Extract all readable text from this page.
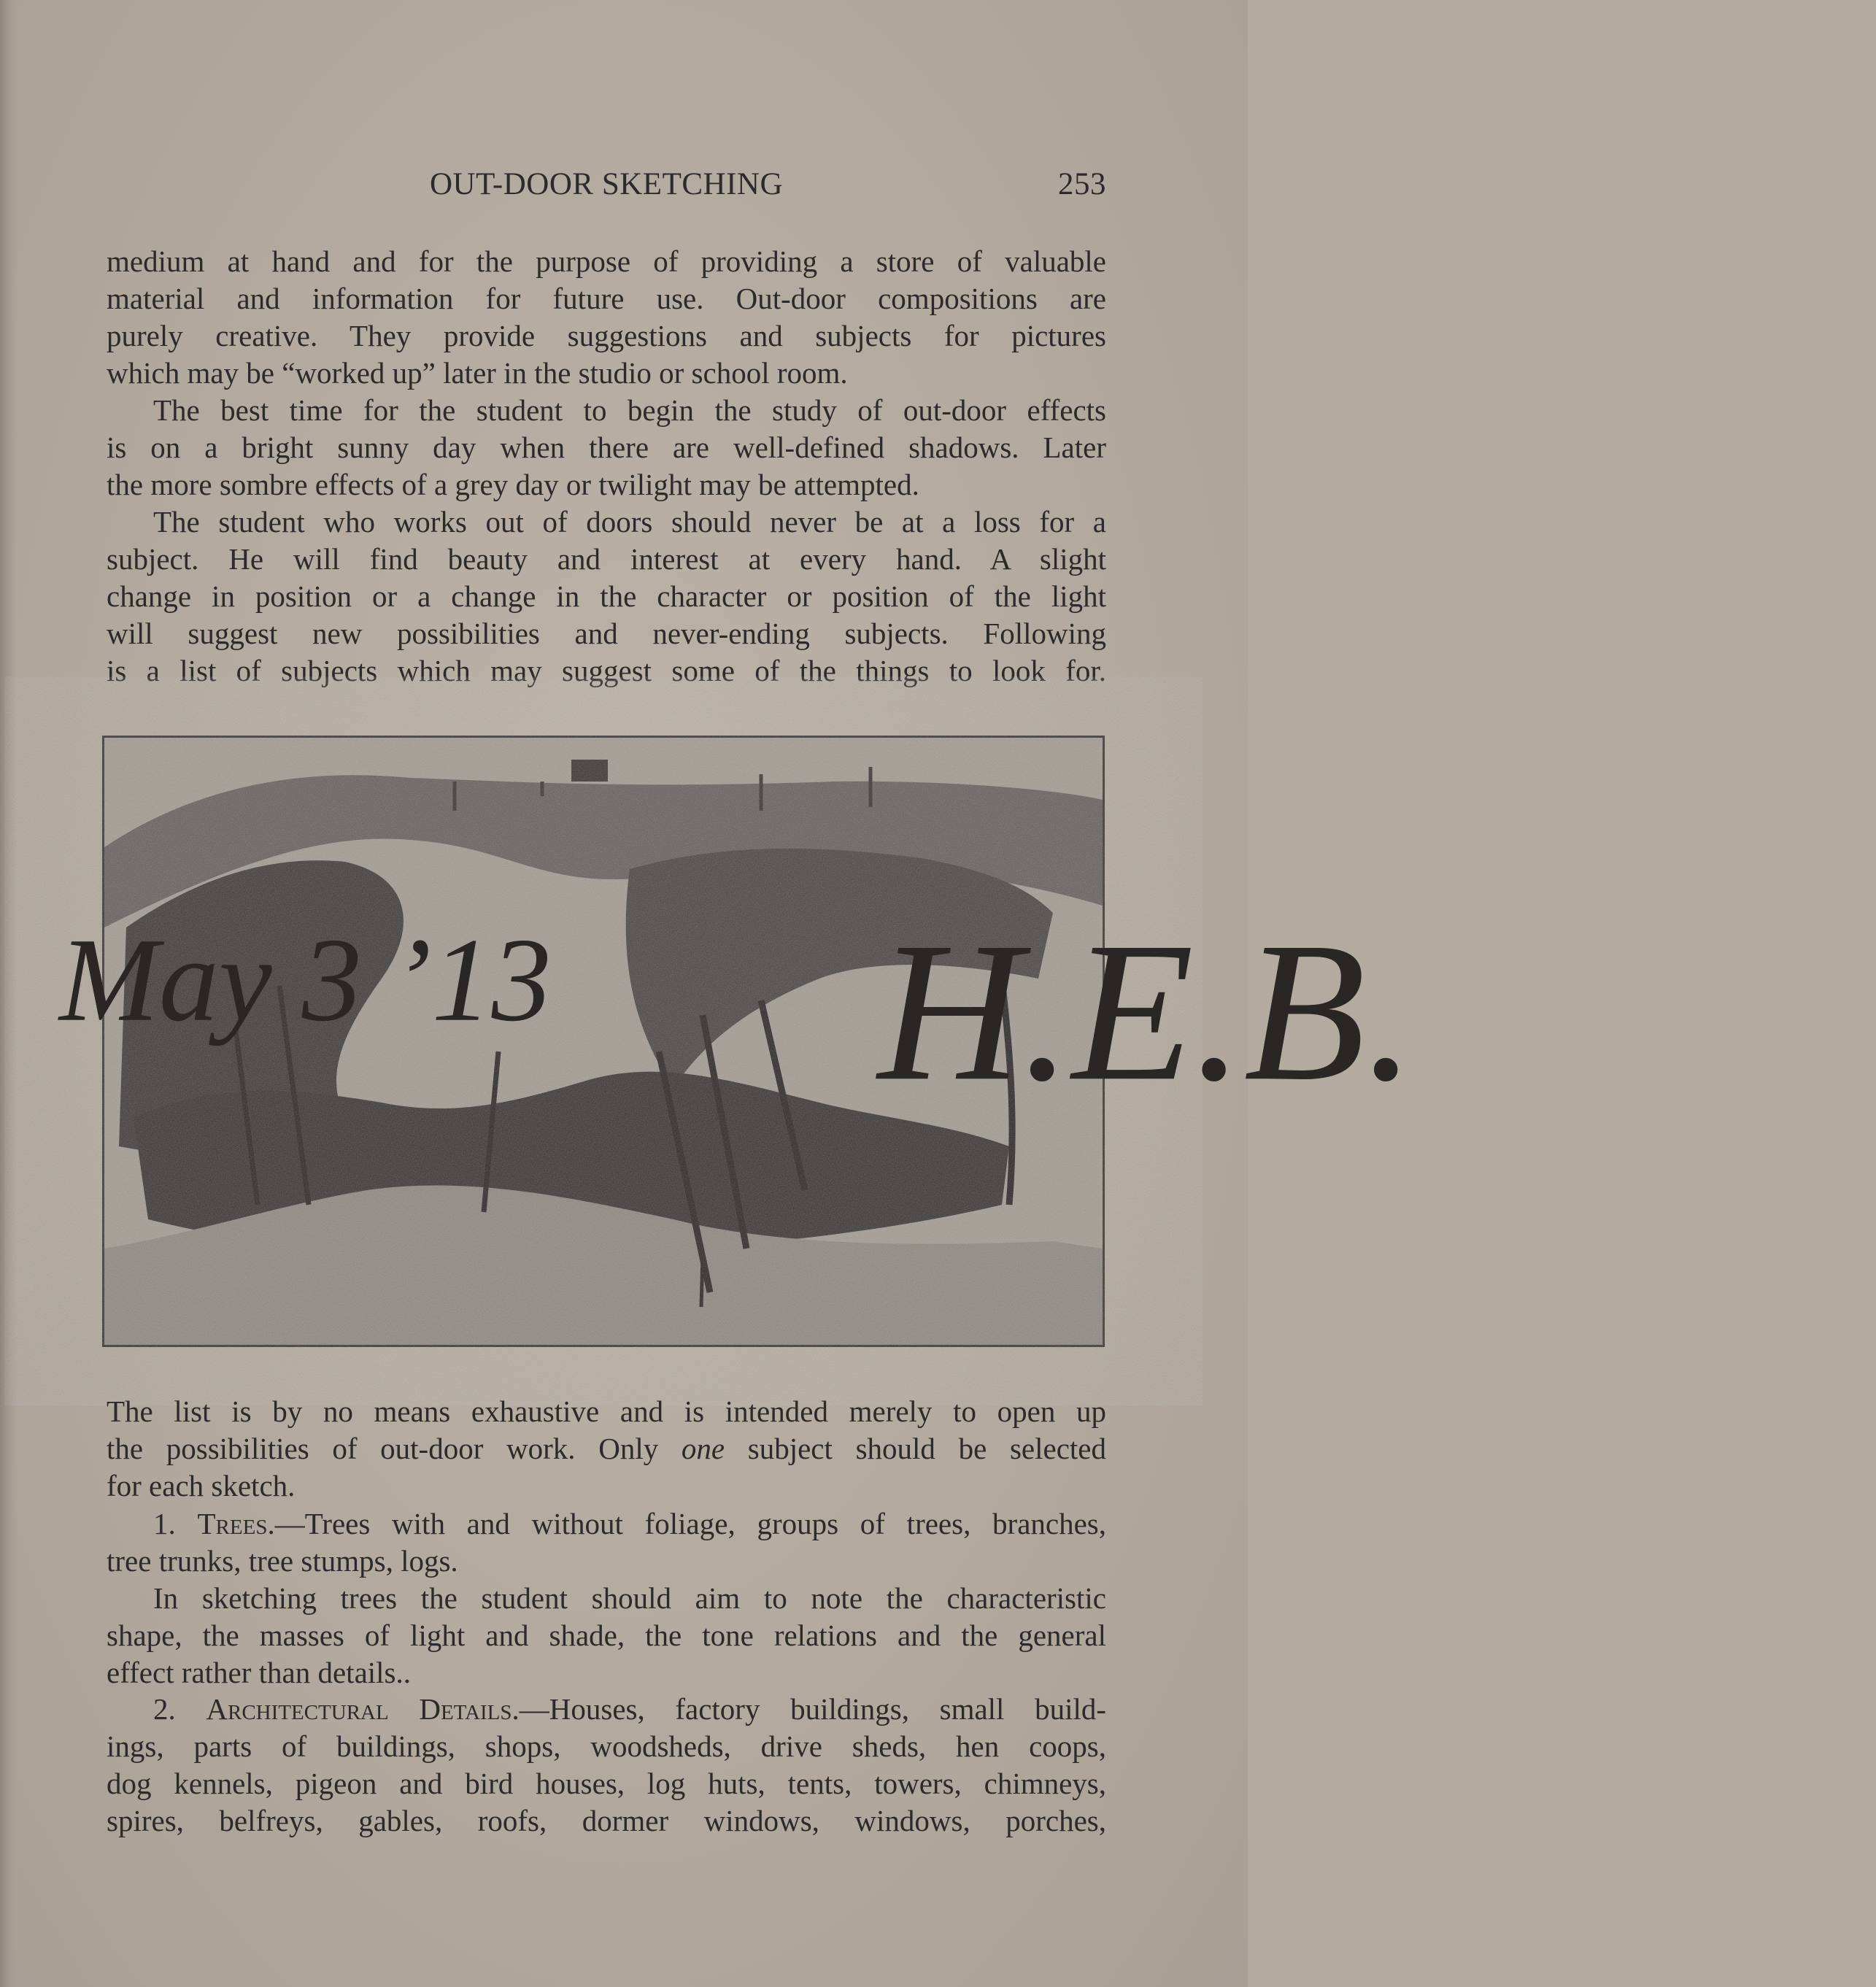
OUT-DOOR SKETCHING	253
medium at hand and for the purpose of providing a store of valuable
material and information for future use. Out-door compositions are
purely creative. They provide suggestions and subjects for pictures
which may be “worked up” later in the studio or school room.
The best time for the student to begin the study of out-door effects
is on a bright sunny day when there are well-defined shadows. Later
the more sombre effects of a grey day or twilight may be attempted.
The student who works out of doors should never be at a loss for a
subject. He will find beauty and interest at every hand. A slight
change in position or a change in the character or position of the light
will suggest new possibilities and never-ending subjects. Following
is a list of subjects which may suggest some of the things to look for.
May 3 ’13	H.E.B.
The list is by no means exhaustive and is intended merely to open up
the possibilities of out-door work. Only one subject should be selected
for each sketch.
1. Trees.—Trees with and without foliage, groups of trees, branches,
tree trunks, tree stumps, logs.
In sketching trees the student should aim to note the characteristic
shape, the masses of light and shade, the tone relations and the general
effect rather than details..
2. Architectural Details.—Houses, factory buildings, small build-
ings, parts of buildings, shops, woodsheds, drive sheds, hen coops,
dog kennels, pigeon and bird houses, log huts, tents, towers, chimneys,
spires, belfreys, gables, roofs, dormer windows, windows, porches,
